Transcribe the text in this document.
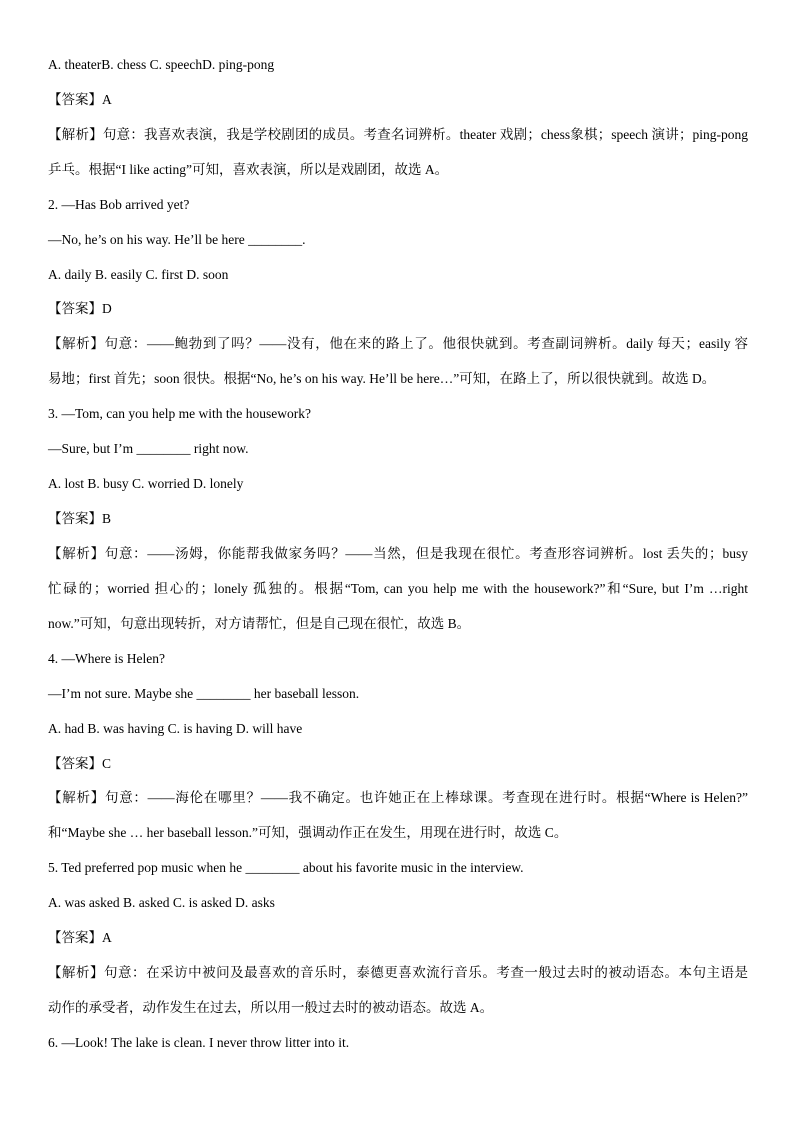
A. theaterB. chess C. speechD. ping-pong
【答案】A
【解析】句意：我喜欢表演，我是学校剧团的成员。考查名词辨析。theater 戏剧；chess象棋；speech 演讲；ping-pong
乒乓。根据“I like acting”可知，喜欢表演，所以是戏剧团，故选 A。
2. —Has Bob arrived yet?
—No, he’s on his way. He’ll be here ________.
A. daily B. easily C. first D. soon
【答案】D
【解析】句意：——鲍勃到了吗？——没有，他在来的路上了。他很快就到。考查副词辨析。daily 每天；easily 容
易地；first 首先；soon 很快。根据“No, he’s on his way. He’ll be here…”可知，在路上了，所以很快就到。故选 D。
3. —Tom, can you help me with the housework?
—Sure, but I’m ________ right now.
A. lost B. busy C. worried D. lonely
【答案】B
【解析】句意：——汤姆，你能帮我做家务吗？——当然，但是我现在很忙。考查形容词辨析。lost 丢失的；busy
忙碌的；worried 担心的；lonely 孤独的。根据“Tom, can you help me with the housework?”和“Sure, but I’m …right
now.”可知，句意出现转折，对方请帮忙，但是自己现在很忙，故选 B。
4. —Where is Helen?
—I’m not sure. Maybe she ________ her baseball lesson.
A. had B. was having C. is having D. will have
【答案】C
【解析】句意：——海伦在哪里？——我不确定。也许她正在上棒球课。考查现在进行时。根据“Where is Helen?”
和“Maybe she … her baseball lesson.”可知，强调动作正在发生，用现在进行时，故选 C。
5. Ted preferred pop music when he ________ about his favorite music in the interview.
A. was asked B. asked C. is asked D. asks
【答案】A
【解析】句意：在采访中被问及最喜欢的音乐时，泰德更喜欢流行音乐。考查一般过去时的被动语态。本句主语是
动作的承受者，动作发生在过去，所以用一般过去时的被动语态。故选 A。
6. —Look! The lake is clean. I never throw litter into it.
